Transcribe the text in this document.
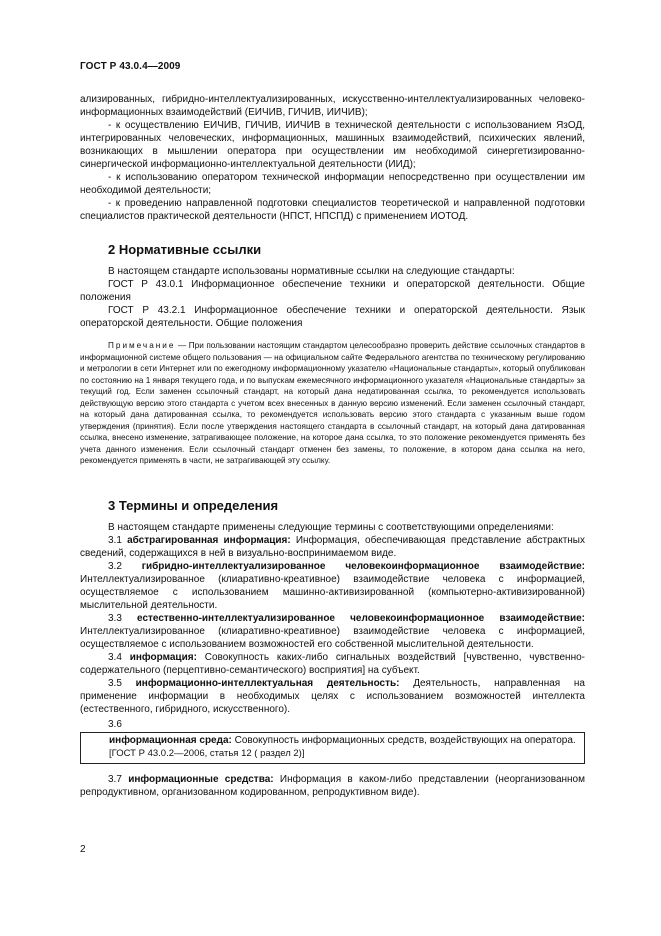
ГОСТ Р 43.0.4—2009

ализированных, гибридно-интеллектуализированных, искусственно-интеллектуализированных человеко-информационных взаимодействий (ЕИЧИВ, ГИЧИВ, ИИЧИВ);

- к осуществлению ЕИЧИВ, ГИЧИВ, ИИЧИВ в технической деятельности с использованием ЯзОД, интегрированных человеческих, информационных, машинных взаимодействий, психических явлений, возникающих в мышлении оператора при осуществлении им необходимой синергетизированно-синергической информационно-интеллектуальной деятельности (ИИД);

- к использованию оператором технической информации непосредственно при осуществлении им необходимой деятельности;

- к проведению направленной подготовки специалистов теоретической и направленной подготовки специалистов практической деятельности (НПСТ, НПСПД) с применением ИОТОД.

2 Нормативные ссылки

В настоящем стандарте использованы нормативные ссылки на следующие стандарты:

ГОСТ Р 43.0.1 Информационное обеспечение техники и операторской деятельности. Общие положения

ГОСТ Р 43.2.1 Информационное обеспечение техники и операторской деятельности. Язык операторской деятельности. Общие положения

Примечание — При пользовании настоящим стандартом целесообразно проверить действие ссылочных стандартов в информационной системе общего пользования — на официальном сайте Федерального агентства по техническому регулированию и метрологии в сети Интернет или по ежегодному информационному указателю «Национальные стандарты», который опубликован по состоянию на 1 января текущего года, и по выпускам ежемесячного информационного указателя «Национальные стандарты» за текущий год. Если заменен ссылочный стандарт, на который дана недатированная ссылка, то рекомендуется использовать действующую версию этого стандарта с учетом всех внесенных в данную версию изменений. Если заменен ссылочный стандарт, на который дана датированная ссылка, то рекомендуется использовать версию этого стандарта с указанным выше годом утверждения (принятия). Если после утверждения настоящего стандарта в ссылочный стандарт, на который дана датированная ссылка, внесено изменение, затрагивающее положение, на которое дана ссылка, то это положение рекомендуется применять без учета данного изменения. Если ссылочный стандарт отменен без замены, то положение, в котором дана ссылка на него, рекомендуется применять в части, не затрагивающей эту ссылку.

3 Термины и определения

В настоящем стандарте применены следующие термины с соответствующими определениями:

3.1 абстрагированная информация: Информация, обеспечивающая представление абстрактных сведений, содержащихся в ней в визуально-воспринимаемом виде.

3.2 гибридно-интеллектуализированное человекоинформационное взаимодействие: Интеллектуализированное (клиаративно-креативное) взаимодействие человека с информацией, осуществляемое с использованием машинно-активизированной (компьютерно-активизированной) мыслительной деятельности.

3.3 естественно-интеллектуализированное человекоинформационное взаимодействие: Интеллектуализированное (клиаративно-креативное) взаимодействие человека с информацией, осуществляемое с использованием возможностей его собственной мыслительной деятельности.

3.4 информация: Совокупность каких-либо сигнальных воздействий [чувственно, чувственно-содержательного (перцептивно-семантического) восприятия] на субъект.

3.5 информационно-интеллектуальная деятельность: Деятельность, направленная на применение информации в необходимых целях с использованием возможностей интеллекта (естественного, гибридного, искусственного).

3.6

информационная среда: Совокупность информационных средств, воздействующих на оператора.

[ГОСТ Р 43.0.2—2006, статья 12 ( раздел 2)]

3.7 информационные средства: Информация в каком-либо представлении (неорганизованном репродуктивном, организованном кодированном, репродуктивном виде).

2
